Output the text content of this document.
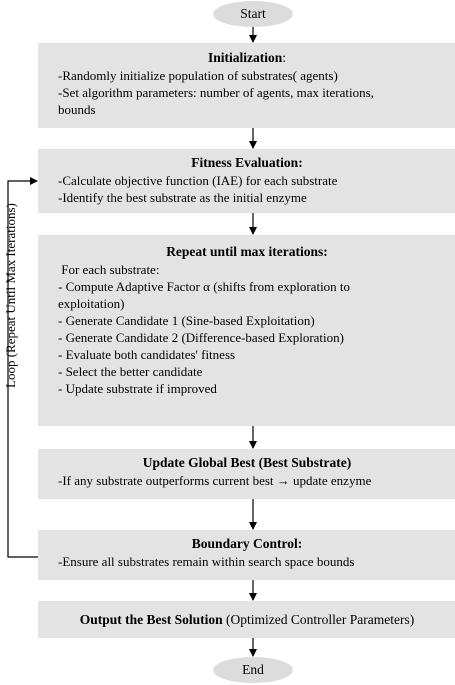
Start
Initialization:
-Randomly initialize population of substrates( agents)
-Set algorithm parameters: number of agents, max iterations,
bounds
Fitness Evaluation:
-Calculate objective function (IAE) for each substrate
-Identify the best substrate as the initial enzyme
Repeat until max iterations:
For each substrate:
- Compute Adaptive Factor α (shifts from exploration to
exploitation)
- Generate Candidate 1 (Sine-based Exploitation)
- Generate Candidate 2 (Difference-based Exploration)
- Evaluate both candidates' fitness
- Select the better candidate
- Update substrate if improved
Update Global Best (Best Substrate)
-If any substrate outperforms current best → update enzyme
Boundary Control:
-Ensure all substrates remain within search space bounds
Output the Best Solution (Optimized Controller Parameters)
End
Loop (Repeat Until Max Iterations)
